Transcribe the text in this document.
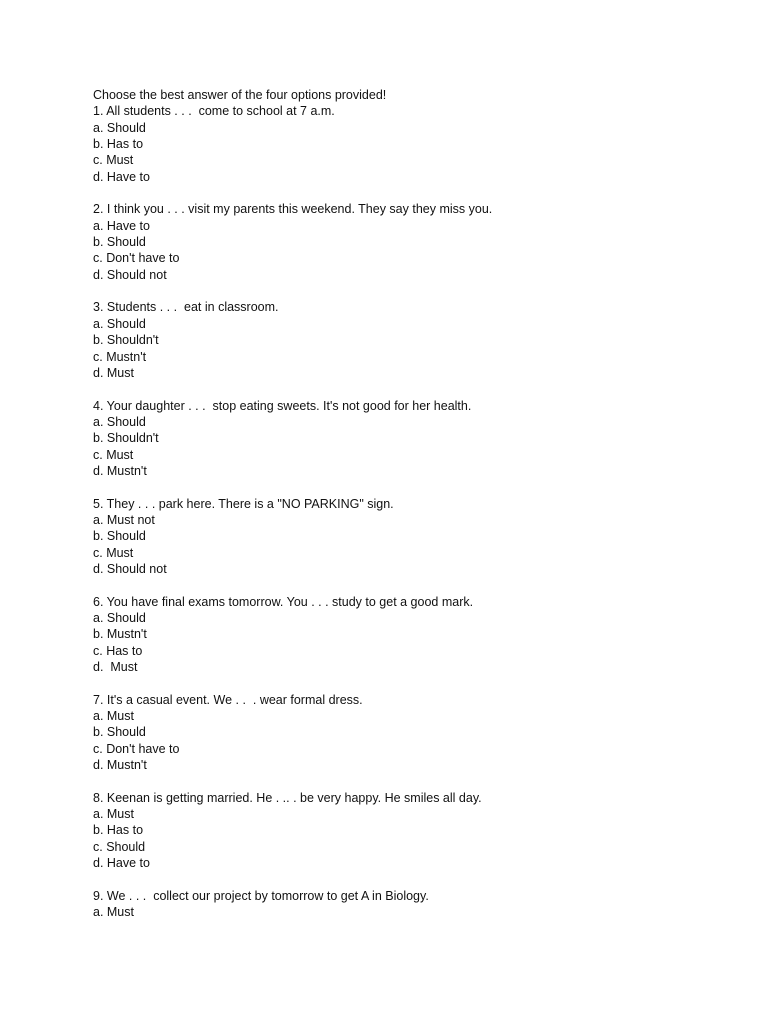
Choose the best answer of the four options provided!
1. All students . . .  come to school at 7 a.m.
a. Should
b. Has to
c. Must
d. Have to
2. I think you . . . visit my parents this weekend. They say they miss you.
a. Have to
b. Should
c. Don't have to
d. Should not
3. Students . . .  eat in classroom.
a. Should
b. Shouldn't
c. Mustn't
d. Must
4. Your daughter . . .  stop eating sweets. It's not good for her health.
a. Should
b. Shouldn't
c. Must
d. Mustn't
5. They . . . park here. There is a "NO PARKING" sign.
a. Must not
b. Should
c. Must
d. Should not
6. You have final exams tomorrow. You . . . study to get a good mark.
a. Should
b. Mustn't
c. Has to
d.  Must
7. It's a casual event. We . .  . wear formal dress.
a. Must
b. Should
c. Don't have to
d. Mustn't
8. Keenan is getting married. He . .. . be very happy. He smiles all day.
a. Must
b. Has to
c. Should
d. Have to
9. We . . .  collect our project by tomorrow to get A in Biology.
a. Must
